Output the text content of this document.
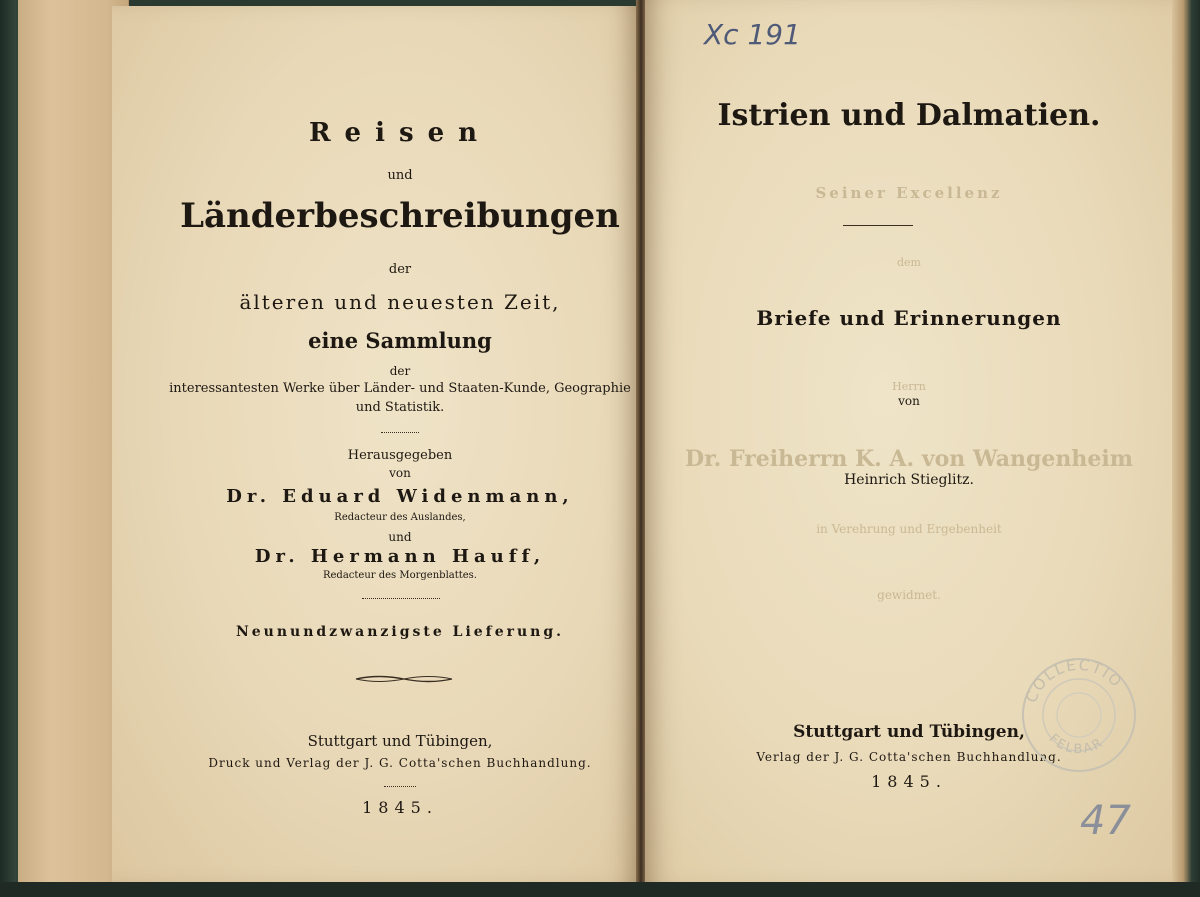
Reisen
und
Länderbeschreibungen
der
älteren und neuesten Zeit,
eine Sammlung
der
interessantesten Werke über Länder- und Staaten-Kunde, Geographie
und Statistik.
Herausgegeben
von
Dr. Eduard Widenmann,
Redacteur des Auslandes,
und
Dr. Hermann Hauff,
Redacteur des Morgenblattes.
Neunundzwanzigste Lieferung.
Stuttgart und Tübingen,
Druck und Verlag der J. G. Cotta'schen Buchhandlung.
1845.
Seiner Excellenz
dem
Herrn
Dr. Freiherrn K. A. von Wangenheim
in Verehrung und Ergebenheit
gewidmet.
Xc 191
Istrien und Dalmatien.
Briefe und Erinnerungen
von
Heinrich Stieglitz.
Stuttgart und Tübingen,
Verlag der J. G. Cotta'schen Buchhandlung.
1845.
COLLECTIO
FELBAR
47
